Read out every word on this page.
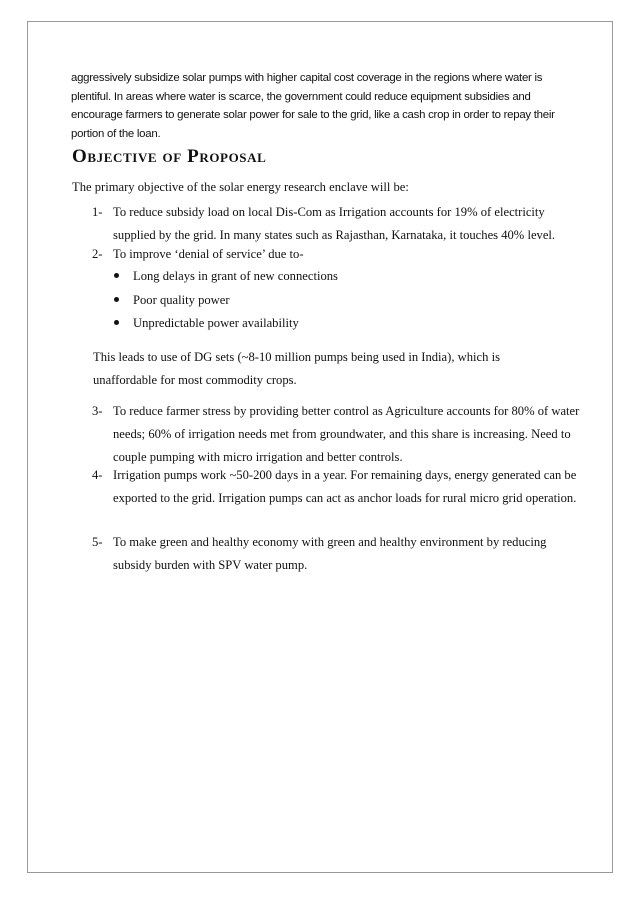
aggressively subsidize solar pumps with higher capital cost coverage in the regions where water is plentiful. In areas where water is scarce, the government could reduce equipment subsidies and encourage farmers to generate solar power for sale to the grid, like a cash crop in order to repay their portion of the loan.

Objective of Proposal

The primary objective of the solar energy research enclave will be:

1- To reduce subsidy load on local Dis-Com as Irrigation accounts for 19% of electricity supplied by the grid. In many states such as Rajasthan, Karnataka, it touches 40% level.
2- To improve ‘denial of service’ due to-
Long delays in grant of new connections
Poor quality power
Unpredictable power availability

This leads to use of DG sets (~8-10 million pumps being used in India), which is unaffordable for most commodity crops.

3- To reduce farmer stress by providing better control as Agriculture accounts for 80% of water needs; 60% of irrigation needs met from groundwater, and this share is increasing. Need to couple pumping with micro irrigation and better controls.
4- Irrigation pumps work ~50-200 days in a year. For remaining days, energy generated can be exported to the grid. Irrigation pumps can act as anchor loads for rural micro grid operation.
5- To make green and healthy economy with green and healthy environment by reducing subsidy burden with SPV water pump.
